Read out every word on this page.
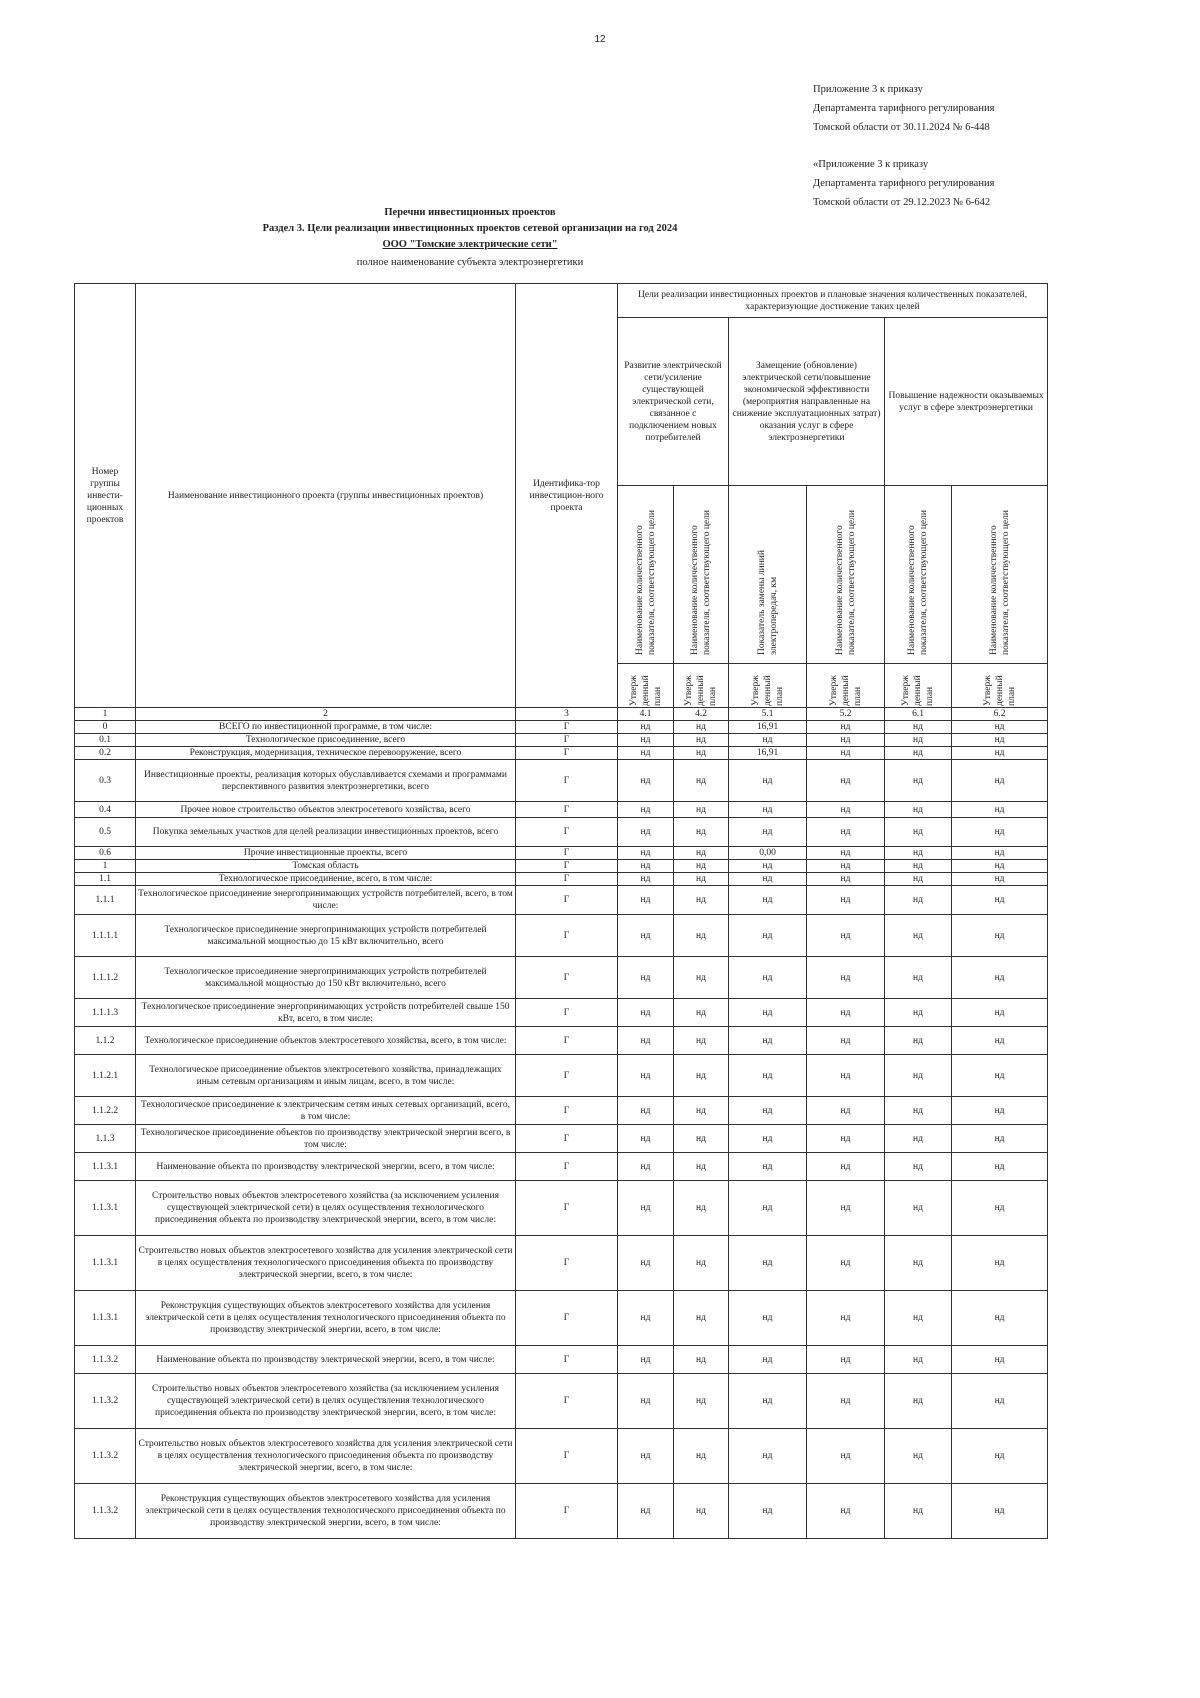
12
Приложение 3 к приказу
Департамента тарифного регулирования
Томской области от 30.11.2024 № 6-448
«Приложение 3 к приказу
Департамента тарифного регулирования
Томской области от 29.12.2023 № 6-642
Перечни инвестиционных проектов
Раздел 3. Цели реализации инвестиционных проектов сетевой организации на год 2024
ООО "Томские электрические сети"
полное наименование субъекта электроэнергетики
Номер группы инвести-ционных проектов	Наименование инвестиционного проекта (группы инвестиционных проектов)	Идентифика-тор инвестицион-ного проекта	Цели реализации инвестиционных проектов и плановые значения количественных показателей, характеризующие достижение таких целей					
			Развитие электрической сети/усиление существующей электрической сети, связанное с подключением новых потребителей		Замещение (обновление) электрической сети/повышение экономической эффективности (мероприятия направленные на снижение эксплуатационных затрат) оказания услуг в сфере электроэнергетики		Повышение надежности оказываемых услуг в сфере электроэнергетики	

			Наименование количественного показателя, соответствующего цели	Наименование количественного показателя, соответствующего цели	Показатель замены линий электропередач, км	Наименование количественного показателя, соответствующего цели	Наименование количественного показателя, соответствующего цели	Наименование количественного показателя, соответствующего цели

			Утверж денный план	Утверж денный план	Утверж денный план	Утверж денный план	Утверж денный план	Утверж денный план

1	2	3	4.1	4.2	5.1	5.2	6.1	6.2
0	ВСЕГО по инвестиционной программе, в том числе:	Г	нд	нд	16,91	нд	нд	нд
0.1	Технологическое присоединение, всего	Г	нд	нд	нд	нд	нд	нд
0.2	Реконструкция, модернизация, техническое перевооружение, всего	Г	нд	нд	16,91	нд	нд	нд
0.3	Инвестиционные проекты, реализация которых обуславливается схемами и программами перспективного развития электроэнергетики, всего	Г	нд	нд	нд	нд	нд	нд
0.4	Прочее новое строительство объектов электросетевого хозяйства, всего	Г	нд	нд	нд	нд	нд	нд
0.5	Покупка земельных участков для целей реализации инвестиционных проектов, всего	Г	нд	нд	нд	нд	нд	нд
0.6	Прочие инвестиционные проекты, всего	Г	нд	нд	0,00	нд	нд	нд
1	Томская область	Г	нд	нд	нд	нд	нд	нд
1.1	Технологическое присоединение, всего, в том числе:	Г	нд	нд	нд	нд	нд	нд
1.1.1	Технологическое присоединение энергопринимающих устройств потребителей, всего, в том числе:	Г	нд	нд	нд	нд	нд	нд
1.1.1.1	Технологическое присоединение энергопринимающих устройств потребителей максимальной мощностью до 15 кВт включительно, всего	Г	нд	нд	нд	нд	нд	нд
1.1.1.2	Технологическое присоединение энергопринимающих устройств потребителей максимальной мощностью до 150 кВт включительно, всего	Г	нд	нд	нд	нд	нд	нд
1.1.1.3	Технологическое присоединение энергопринимающих устройств потребителей свыше 150 кВт, всего, в том числе:	Г	нд	нд	нд	нд	нд	нд
1.1.2	Технологическое присоединение объектов электросетевого хозяйства, всего, в том числе:	Г	нд	нд	нд	нд	нд	нд
1.1.2.1	Технологическое присоединение объектов электросетевого хозяйства, принадлежащих иным сетевым организациям и иным лицам, всего, в том числе:	Г	нд	нд	нд	нд	нд	нд
1.1.2.2	Технологическое присоединение к электрическим сетям иных сетевых организаций, всего, в том числе:	Г	нд	нд	нд	нд	нд	нд
1.1.3	Технологическое присоединение объектов по производству электрической энергии всего, в том числе:	Г	нд	нд	нд	нд	нд	нд
1.1.3.1	Наименование объекта по производству электрической энергии, всего, в том числе:	Г	нд	нд	нд	нд	нд	нд
1.1.3.1	Строительство новых объектов электросетевого хозяйства (за исключением усиления существующей электрической сети) в целях осуществления технологического присоединения объекта по производству электрической энергии, всего, в том числе:	Г	нд	нд	нд	нд	нд	нд
1.1.3.1	Строительство новых объектов электросетевого хозяйства для усиления электрической сети в целях осуществления технологического присоединения объекта по производству электрической энергии, всего, в том числе:	Г	нд	нд	нд	нд	нд	нд
1.1.3.1	Реконструкция существующих объектов электросетевого хозяйства для усиления электрической сети в целях осуществления технологического присоединения объекта по производству электрической энергии, всего, в том числе:	Г	нд	нд	нд	нд	нд	нд
1.1.3.2	Наименование объекта по производству электрической энергии, всего, в том числе:	Г	нд	нд	нд	нд	нд	нд
1.1.3.2	Строительство новых объектов электросетевого хозяйства (за исключением усиления существующей электрической сети) в целях осуществления технологического присоединения объекта по производству электрической энергии, всего, в том числе:	Г	нд	нд	нд	нд	нд	нд
1.1.3.2	Строительство новых объектов электросетевого хозяйства для усиления электрической сети в целях осуществления технологического присоединения объекта по производству электрической энергии, всего, в том числе:	Г	нд	нд	нд	нд	нд	нд
1.1.3.2	Реконструкция существующих объектов электросетевого хозяйства для усиления электрической сети в целях осуществления технологического присоединения объекта по производству электрической энергии, всего, в том числе:	Г	нд	нд	нд	нд	нд	нд
